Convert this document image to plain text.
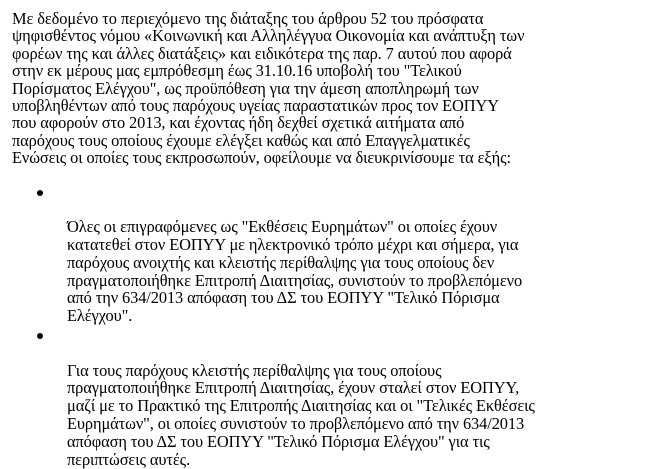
Με δεδομένο το περιεχόμενο της διάταξης του άρθρου 52 του πρόσφατα
ψηφισθέντος νόμου «Κοινωνική και Αλληλέγγυα Οικονομία και ανάπτυξη των
φορέων της και άλλες διατάξεις» και ειδικότερα της παρ. 7 αυτού που αφορά
στην εκ μέρους μας εμπρόθεσμη έως 31.10.16 υποβολή του "Τελικού
Πορίσματος Ελέγχου", ως προϋπόθεση για την άμεση αποπληρωμή των
υποβληθέντων από τους παρόχους υγείας παραστατικών προς τον ΕΟΠΥΥ
που αφορούν στο 2013, και έχοντας ήδη δεχθεί σχετικά αιτήματα από
παρόχους τους οποίους έχουμε ελέγξει καθώς και από Επαγγελματικές
Ενώσεις οι οποίες τους εκπροσωπούν, οφείλουμε να διευκρινίσουμε τα εξής:

Όλες οι επιγραφόμενες ως "Εκθέσεις Ευρημάτων" οι οποίες έχουν
κατατεθεί στον ΕΟΠΥΥ με ηλεκτρονικό τρόπο μέχρι και σήμερα, για
παρόχους ανοιχτής και κλειστής περίθαλψης για τους οποίους δεν
πραγματοποιήθηκε Επιτροπή Διαιτησίας, συνιστούν το προβλεπόμενο
από την 634/2013 απόφαση του ΔΣ του ΕΟΠΥΥ "Τελικό Πόρισμα
Ελέγχου".

Για τους παρόχους κλειστής περίθαλψης για τους οποίους
πραγματοποιήθηκε Επιτροπή Διαιτησίας, έχουν σταλεί στον ΕΟΠΥΥ,
μαζί με το Πρακτικό της Επιτροπής Διαιτησίας και οι "Τελικές Εκθέσεις
Ευρημάτων", οι οποίες συνιστούν το προβλεπόμενο από την 634/2013
απόφαση του ΔΣ του ΕΟΠΥΥ "Τελικό Πόρισμα Ελέγχου" για τις
περιπτώσεις αυτές.
